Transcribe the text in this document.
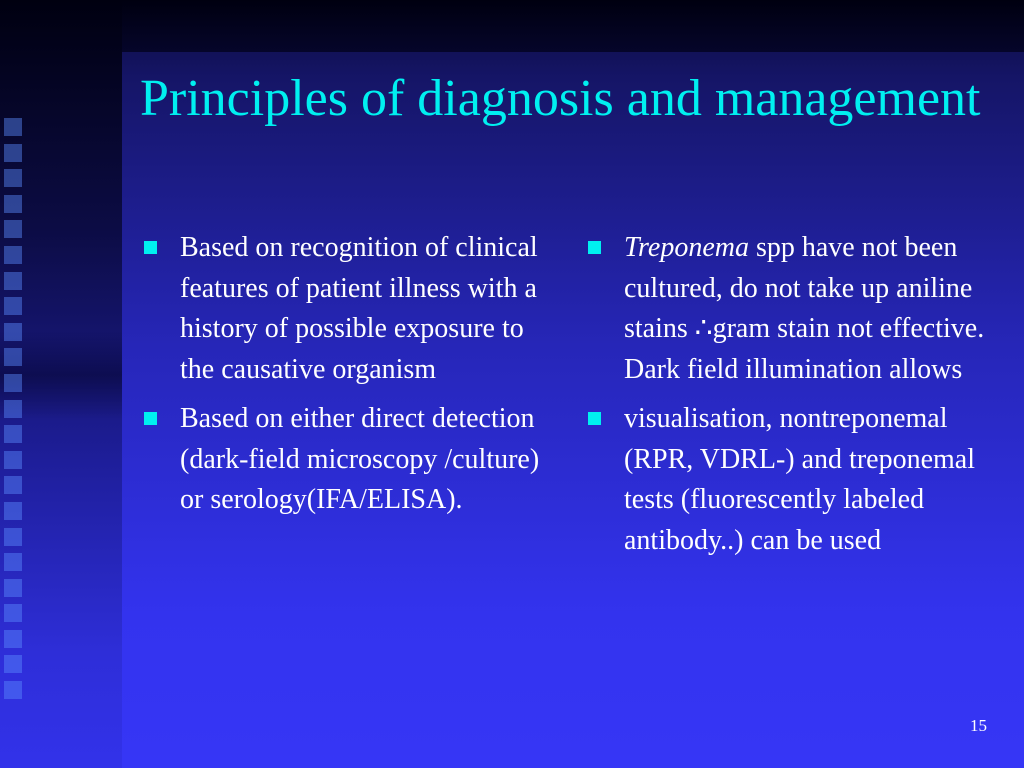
Principles of diagnosis and management
Based on recognition of clinical features of patient illness with a history of possible exposure to the causative organism
Based on either direct detection (dark-field microscopy /culture) or serology(IFA/ELISA).
Treponema spp have not been cultured, do not take up aniline stains ∴gram stain not effective. Dark field illumination allows
visualisation, nontreponemal (RPR, VDRL-) and treponemal tests (fluorescently labeled antibody..) can be used
15
